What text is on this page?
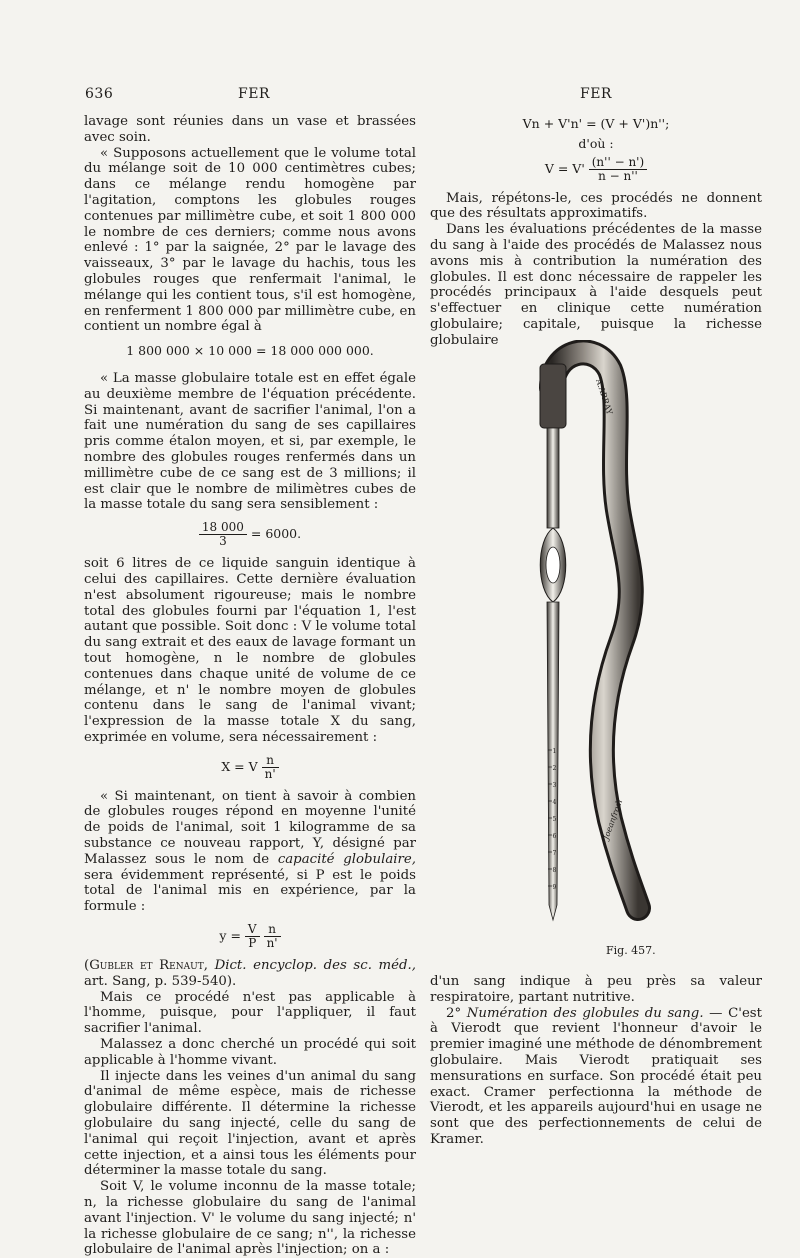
636	FER	FER

lavage sont réunies dans un vase et brassées avec soin.

« Supposons actuellement que le volume total du mélange soit de 10 000 centimètres cubes; dans ce mélange rendu homogène par l'agitation, comptons les globules rouges contenues par millimètre cube, et soit 1 800 000 le nombre de ces derniers; comme nous avons enlevé : 1° par la saignée, 2° par le lavage des vaisseaux, 3° par le lavage du hachis, tous les globules rouges que renfermait l'animal, le mélange qui les contient tous, s'il est homogène, en renferment 1 800 000 par millimètre cube, en contient un nombre égal à

1 800 000 × 10 000 = 18 000 000 000.

« La masse globulaire totale est en effet égale au deuxième membre de l'équation précédente. Si maintenant, avant de sacrifier l'animal, l'on a fait une numération du sang de ses capillaires pris comme étalon moyen, et si, par exemple, le nombre des globules rouges renfermés dans un millimètre cube de ce sang est de 3 millions; il est clair que le nombre de milimètres cubes de la masse totale du sang sera sensiblement :

$\frac{18 000}{3} = 6000$.

soit 6 litres de ce liquide sanguin identique à celui des capillaires. Cette dernière évaluation n'est absolument rigoureuse; mais le nombre total des globules fourni par l'équation 1, l'est autant que possible. Soit donc : V le volume total du sang extrait et des eaux de lavage formant un tout homogène, n le nombre de globules contenues dans chaque unité de volume de ce mélange, et n' le nombre moyen de globules contenu dans le sang de l'animal vivant; l'expression de la masse totale X du sang, exprimée en volume, sera nécessairement :

X = V $\frac{n}{n'}$

« Si maintenant, on tient à savoir à combien de globules rouges répond en moyenne l'unité de poids de l'animal, soit 1 kilogramme de sa substance ce nouveau rapport, Y, désigné par Malassez sous le nom de capacité globulaire, sera évidemment représenté, si P est le poids total de l'animal mis en expérience, par la formule :

$y = \frac{V}{P}$
$\frac{n}{n'}$

(Gubler et Renaut, Dict. encyclop. des sc. méd., art. Sang, p. 539-540).

Mais ce procédé n'est pas applicable à l'homme, puisque, pour l'appliquer, il faut sacrifier l'animal.

Malassez a donc cherché un procédé qui soit applicable à l'homme vivant.

Il injecte dans les veines d'un animal du sang d'animal de même espèce, mais de richesse globulaire différente. Il détermine la richesse globulaire du sang injecté, celle du sang de l'animal qui reçoit l'injection, avant et après cette injection, et a ainsi tous les éléments pour déterminer la masse totale du sang.

Soit V, le volume inconnu de la masse totale; n, la richesse globulaire du sang de l'animal avant l'injection. V' le volume du sang injecté; n' la richesse globulaire de ce sang; n'', la richesse globulaire de l'animal après l'injection; on a :

Vn + V'n' = (V + V')n'';
d'où :
$V = V' \frac{(n'' - n')}{n - n''}$

Mais, répétons-le, ces procédés ne donnent que des résultats approximatifs.

Dans les évaluations précédentes de la masse du sang à l'aide des procédés de Malassez nous avons mis à contribution la numération des globules. Il est donc nécessaire de rappeler les procédés principaux à l'aide desquels peut s'effectuer en clinique cette numération globulaire; capitale, puisque la richesse globulaire

A.ARRAY
Joeanfrodi
1
2
3
4
5
6
7
8
9
Fig. 457.

d'un sang indique à peu près sa valeur respiratoire, partant nutritive.

2° Numération des globules du sang. — C'est à Vierodt que revient l'honneur d'avoir le premier imaginé une méthode de dénombrement globulaire. Mais Vierodt pratiquait ses mensurations en surface. Son procédé était peu exact. Cramer perfectionna la méthode de Vierodt, et les appareils aujourd'hui en usage ne sont que des perfectionnements de celui de Kramer.
